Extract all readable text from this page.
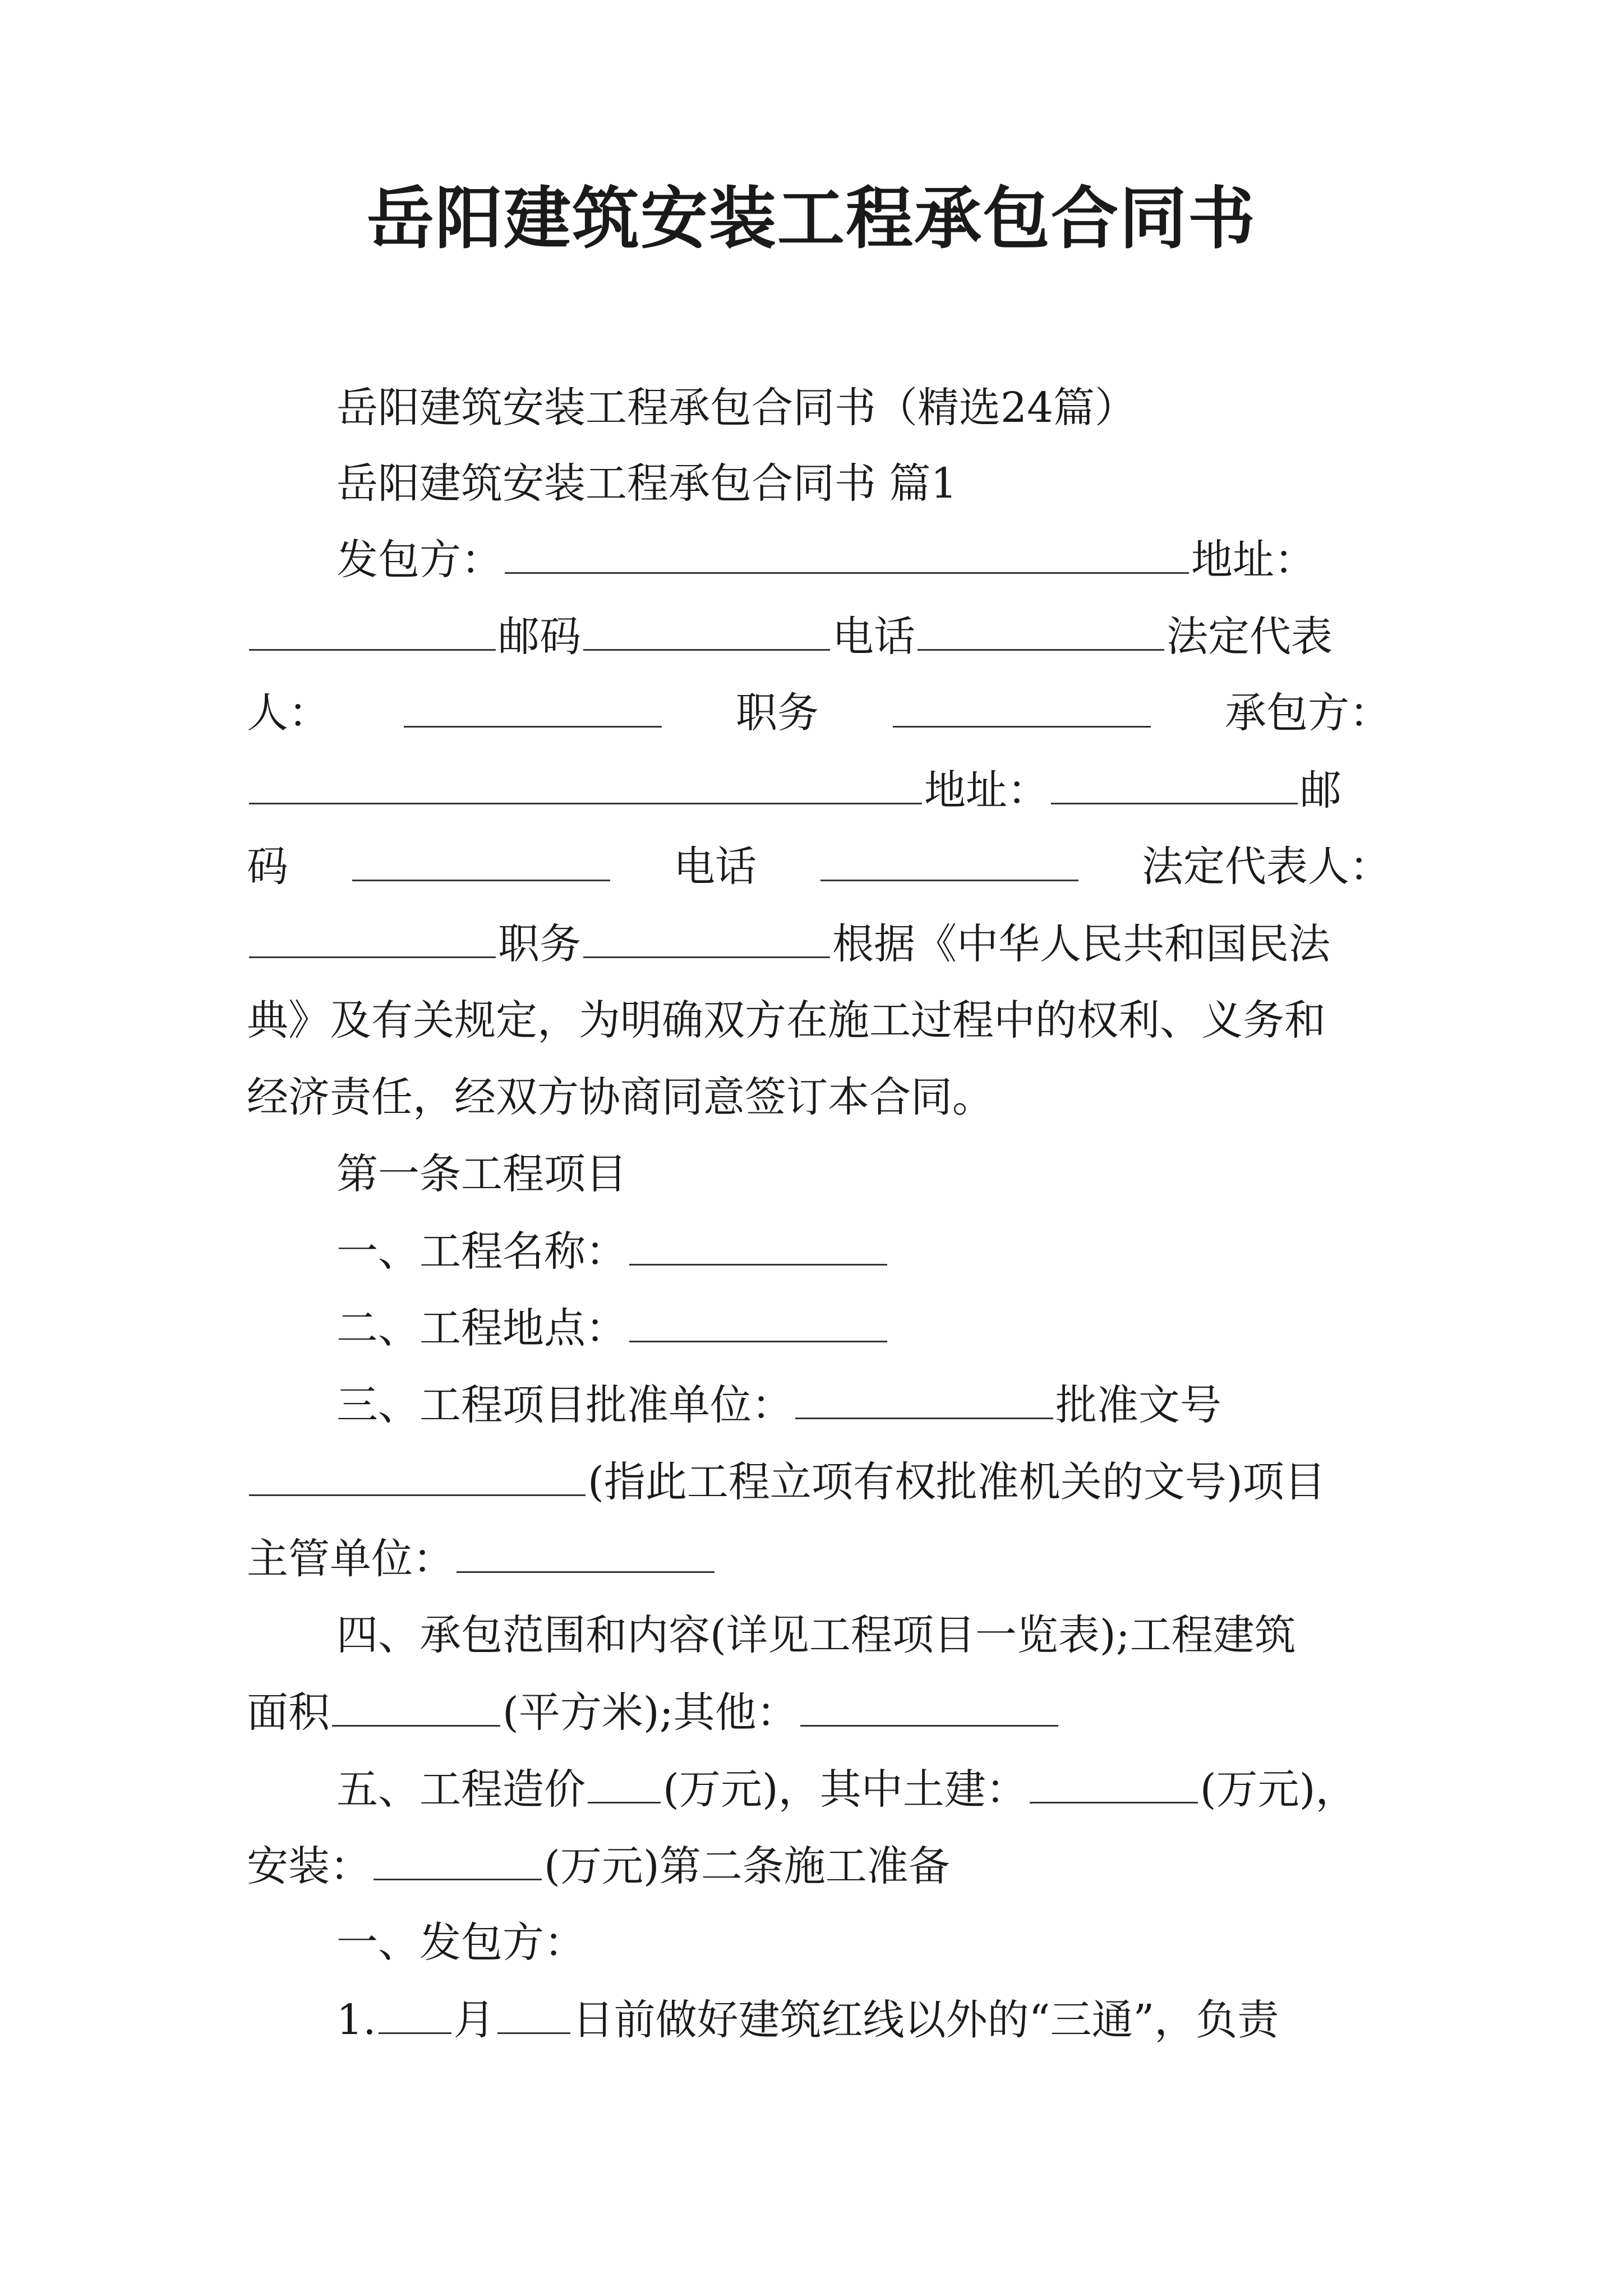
岳阳建筑安装工程承包合同书
岳阳建筑安装工程承包合同书（精选24篇）
岳阳建筑安装工程承包合同书 篇1
发包方：	地址：
邮码	电话	法定代表
人：	职务	承包方：
地址：	邮
码	电话	法定代表人：
职务	根据《中华人民共和国民法
典》及有关规定，为明确双方在施工过程中的权利、义务和
经济责任，经双方协商同意签订本合同。
第一条工程项目
一、工程名称：
二、工程地点：
三、工程项目批准单位：	批准文号
(指此工程立项有权批准机关的文号)项目
主管单位：
四、承包范围和内容(详见工程项目一览表);工程建筑
面积	(平方米);其他：
五、工程造价 (万元)，其中土建：	(万元)，
安装：	(万元)第二条施工准备
一、发包方：
1. 月 日前做好建筑红线以外的“三通”，负责
